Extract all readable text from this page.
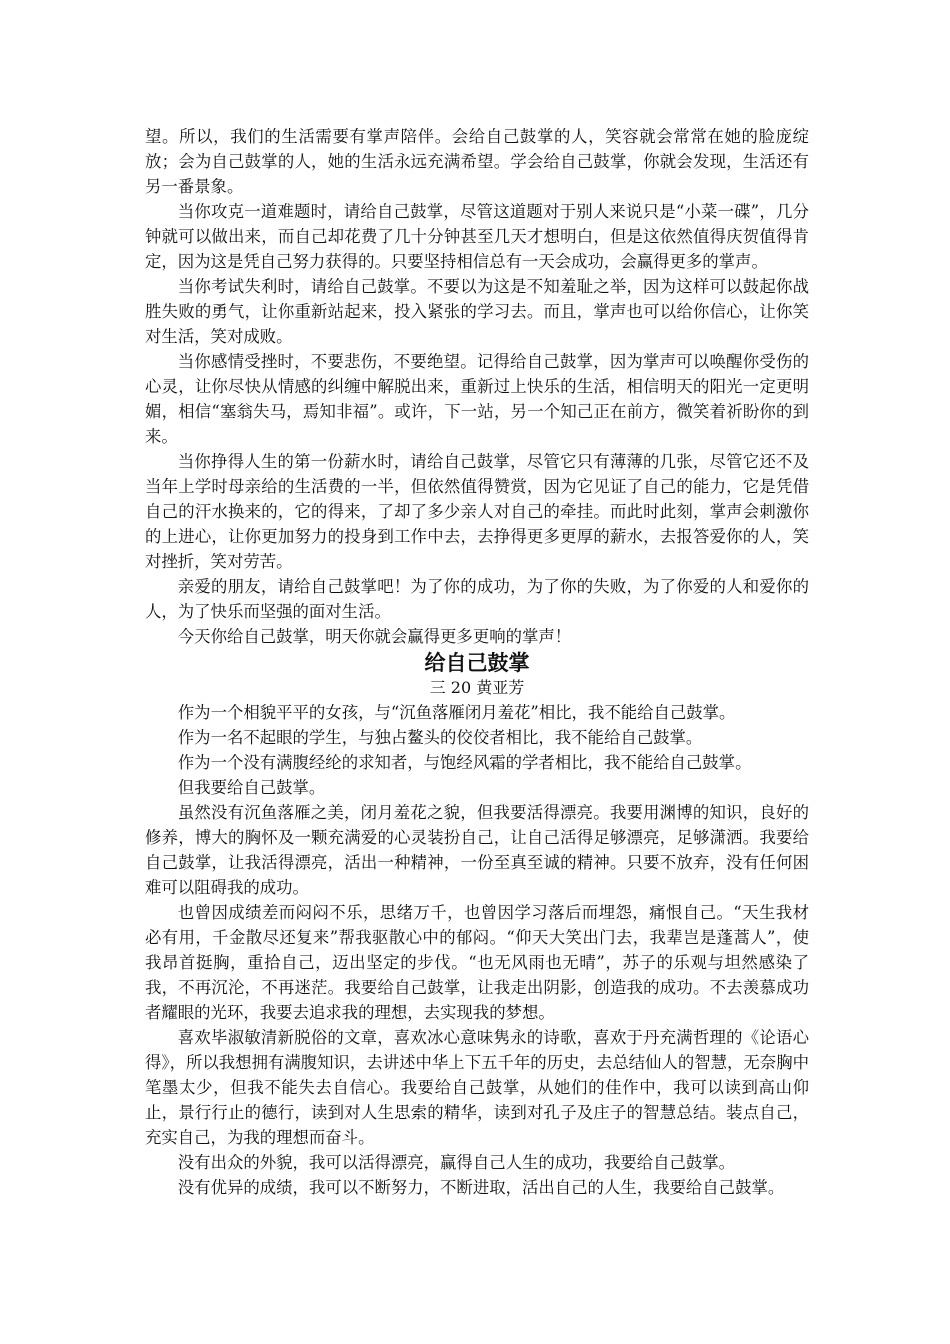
望。所以，我们的生活需要有掌声陪伴。会给自己鼓掌的人，笑容就会常常在她的脸庞绽放；会为自己鼓掌的人，她的生活永远充满希望。学会给自己鼓掌，你就会发现，生活还有另一番景象。

当你攻克一道难题时，请给自己鼓掌，尽管这道题对于别人来说只是“小菜一碟”，几分钟就可以做出来，而自己却花费了几十分钟甚至几天才想明白，但是这依然值得庆贺值得肯定，因为这是凭自己努力获得的。只要坚持相信总有一天会成功，会赢得更多的掌声。

当你考试失利时，请给自己鼓掌。不要以为这是不知羞耻之举，因为这样可以鼓起你战胜失败的勇气，让你重新站起来，投入紧张的学习去。而且，掌声也可以给你信心，让你笑对生活，笑对成败。

当你感情受挫时，不要悲伤，不要绝望。记得给自己鼓掌，因为掌声可以唤醒你受伤的心灵，让你尽快从情感的纠缠中解脱出来，重新过上快乐的生活，相信明天的阳光一定更明媚，相信“塞翁失马，焉知非福”。或许，下一站，另一个知己正在前方，微笑着祈盼你的到来。

当你挣得人生的第一份薪水时，请给自己鼓掌，尽管它只有薄薄的几张，尽管它还不及当年上学时母亲给的生活费的一半，但依然值得赞赏，因为它见证了自己的能力，它是凭借自己的汗水换来的，它的得来，了却了多少亲人对自己的牵挂。而此时此刻，掌声会刺激你的上进心，让你更加努力的投身到工作中去，去挣得更多更厚的薪水，去报答爱你的人，笑对挫折，笑对劳苦。

亲爱的朋友，请给自己鼓掌吧！为了你的成功，为了你的失败，为了你爱的人和爱你的人，为了快乐而坚强的面对生活。

今天你给自己鼓掌，明天你就会赢得更多更响的掌声！

给自己鼓掌

三 20 黄亚芳

作为一个相貌平平的女孩，与“沉鱼落雁闭月羞花”相比，我不能给自己鼓掌。

作为一名不起眼的学生，与独占鳌头的佼佼者相比，我不能给自己鼓掌。

作为一个没有满腹经纶的求知者，与饱经风霜的学者相比，我不能给自己鼓掌。

但我要给自己鼓掌。

虽然没有沉鱼落雁之美，闭月羞花之貌，但我要活得漂亮。我要用渊博的知识，良好的修养，博大的胸怀及一颗充满爱的心灵装扮自己，让自己活得足够漂亮，足够潇洒。我要给自己鼓掌，让我活得漂亮，活出一种精神，一份至真至诚的精神。只要不放弃，没有任何困难可以阻碍我的成功。

也曾因成绩差而闷闷不乐，思绪万千，也曾因学习落后而埋怨，痛恨自己。“天生我材必有用，千金散尽还复来”帮我驱散心中的郁闷。“仰天大笑出门去，我辈岂是蓬蒿人”，使我昂首挺胸，重拾自己，迈出坚定的步伐。“也无风雨也无晴”，苏子的乐观与坦然感染了我，不再沉沦，不再迷茫。我要给自己鼓掌，让我走出阴影，创造我的成功。不去羡慕成功者耀眼的光环，我要去追求我的理想，去实现我的梦想。

喜欢毕淑敏清新脱俗的文章，喜欢冰心意味隽永的诗歌，喜欢于丹充满哲理的《论语心得》，所以我想拥有满腹知识，去讲述中华上下五千年的历史，去总结仙人的智慧，无奈胸中笔墨太少，但我不能失去自信心。我要给自己鼓掌，从她们的佳作中，我可以读到高山仰止，景行行止的德行，读到对人生思索的精华，读到对孔子及庄子的智慧总结。装点自己，充实自己，为我的理想而奋斗。

没有出众的外貌，我可以活得漂亮，赢得自己人生的成功，我要给自己鼓掌。

没有优异的成绩，我可以不断努力，不断进取，活出自己的人生，我要给自己鼓掌。
